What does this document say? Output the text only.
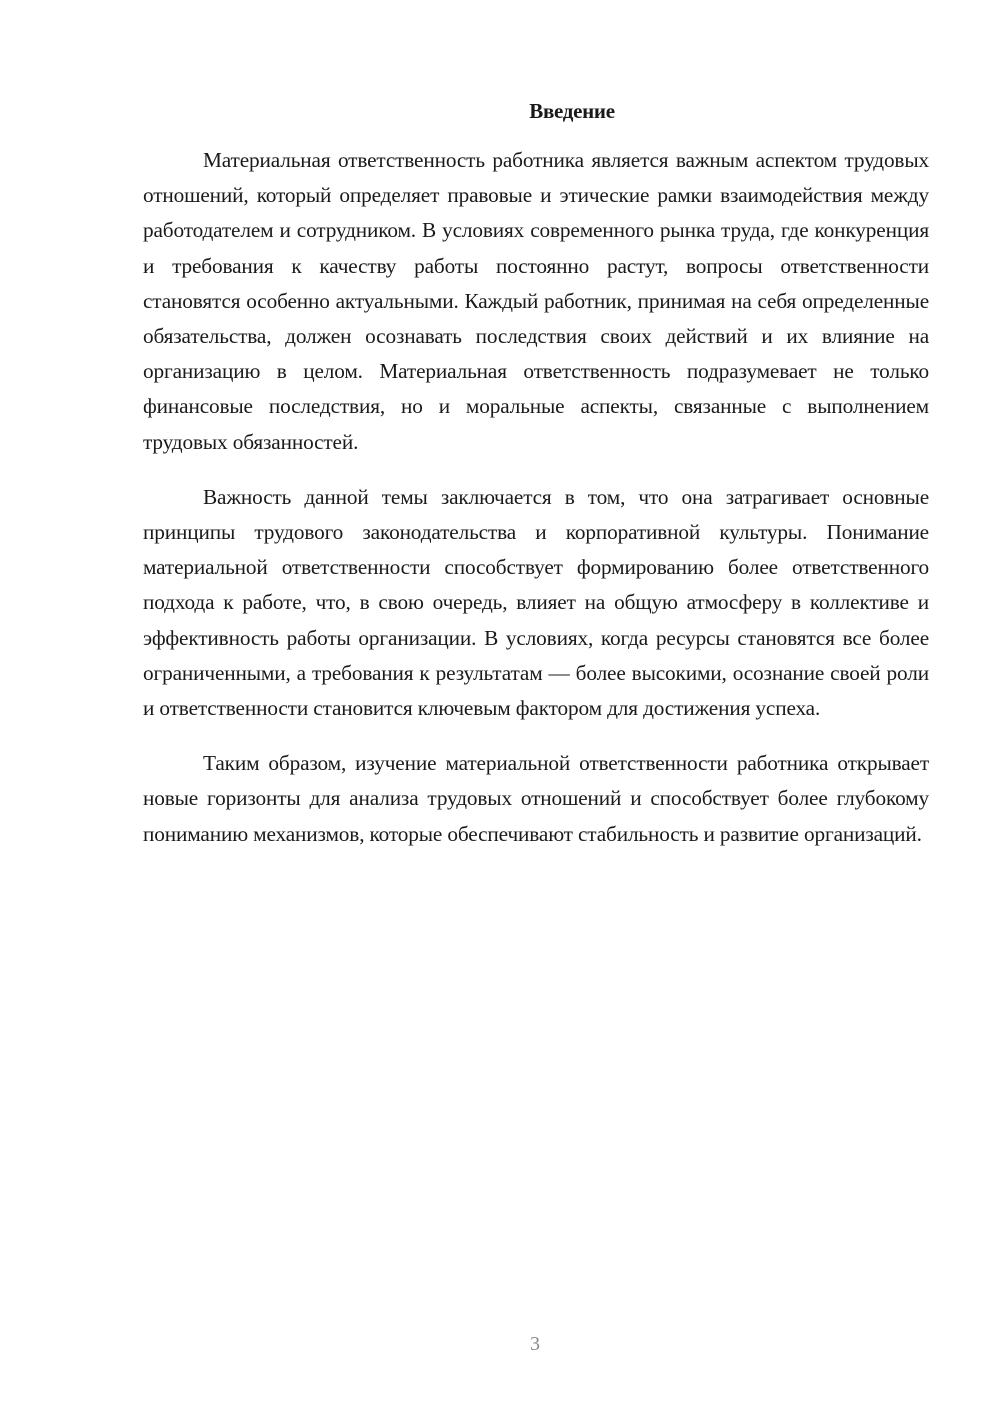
Введение

Материальная ответственность работника является важным аспектом трудовых отношений, который определяет правовые и этические рамки взаимодействия между работодателем и сотрудником. В условиях современного рынка труда, где конкуренция и требования к качеству работы постоянно растут, вопросы ответственности становятся особенно актуальными. Каждый работник, принимая на себя определенные обязательства, должен осознавать последствия своих действий и их влияние на организацию в целом. Материальная ответственность подразумевает не только финансовые последствия, но и моральные аспекты, связанные с выполнением трудовых обязанностей.

Важность данной темы заключается в том, что она затрагивает основные принципы трудового законодательства и корпоративной культуры. Понимание материальной ответственности способствует формированию более ответственного подхода к работе, что, в свою очередь, влияет на общую атмосферу в коллективе и эффективность работы организации. В условиях, когда ресурсы становятся все более ограниченными, а требования к результатам — более высокими, осознание своей роли и ответственности становится ключевым фактором для достижения успеха.

Таким образом, изучение материальной ответственности работника открывает новые горизонты для анализа трудовых отношений и способствует более глубокому пониманию механизмов, которые обеспечивают стабильность и развитие организаций.

3
